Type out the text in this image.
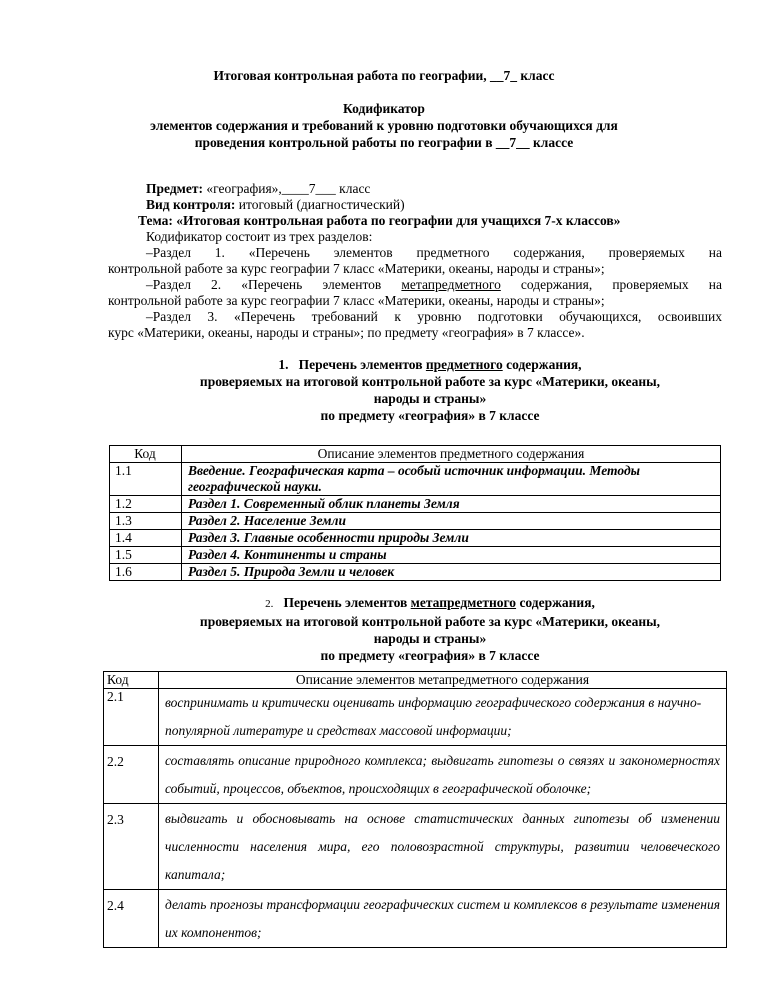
Итоговая контрольная работа по географии, __7_ класс
Кодификатор
элементов содержания и требований к уровню подготовки обучающихся для
проведения контрольной работы по географии в __7__ классе

Предмет: «география»,____7___ класс

Вид контроля: итоговый (диагностический)

Тема: «Итоговая контрольная работа по географии для учащихся 7-х классов»

Кодификатор состоит из трех разделов:

–Раздел 1. «Перечень элементов предметного содержания, проверяемых на

контрольной работе за курс географии 7 класс «Материки, океаны, народы и страны»;

–Раздел 2. «Перечень элементов метапредметного содержания, проверяемых на

контрольной работе за курс географии 7 класс «Материки, океаны, народы и страны»;

–Раздел 3. «Перечень требований к уровню подготовки обучающихся, освоивших

курс «Материки, океаны, народы и страны»; по предмету «география» в 7 классе».

1. Перечень элементов предметного содержания,
проверяемых на итоговой контрольной работе за курс «Материки, океаны,
народы и страны»
по предмету «география» в 7 классе
Код	Описание элементов предметного содержания
1.1	Введение. Географическая карта – особый источник информации. Методы географической науки.
1.2	Раздел 1. Современный облик планеты Земля
1.3	Раздел 2. Население Земли
1.4	Раздел 3. Главные особенности природы Земли
1.5	Раздел 4. Континенты и страны
1.6	Раздел 5. Природа Земли и человек
2. Перечень элементов метапредметного содержания,
проверяемых на итоговой контрольной работе за курс «Материки, океаны,
народы и страны»
по предмету «география» в 7 классе
Код	Описание элементов метапредметного содержания
2.1	воспринимать и критически оценивать информацию географического содержания в научно-популярной литературе и средствах массовой информации;
2.2	составлять описание природного комплекса; выдвигать гипотезы о связях и закономерностях событий, процессов, объектов, происходящих в географической оболочке;
2.3	выдвигать и обосновывать на основе статистических данных гипотезы об изменении численности населения мира, его половозрастной структуры, развитии человеческого капитала;
2.4	делать прогнозы трансформации географических систем и комплексов в результате изменения их компонентов;
